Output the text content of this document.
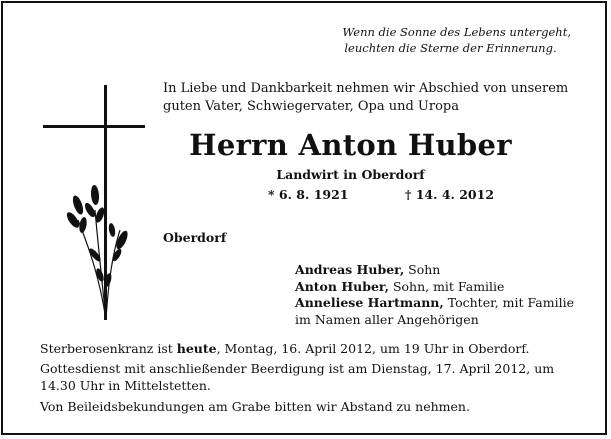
Wenn die Sonne des Lebens untergeht,
leuchten die Sterne der Erinnerung.
In Liebe und Dankbarkeit nehmen wir Abschied von unserem
guten Vater, Schwiegervater, Opa und Uropa
Herrn Anton Huber
Landwirt in Oberdorf
* 6. 8. 1921	† 14. 4. 2012
Oberdorf
Andreas Huber, Sohn
Anton Huber, Sohn, mit Familie
Anneliese Hartmann, Tochter, mit Familie
im Namen aller Angehörigen
Sterberosenkranz ist heute, Montag, 16. April 2012, um 19 Uhr in Oberdorf.
Gottesdienst mit anschließender Beerdigung ist am Dienstag, 17. April 2012, um 14.30 Uhr in Mittelstetten.
Von Beileidsbekundungen am Grabe bitten wir Abstand zu nehmen.
